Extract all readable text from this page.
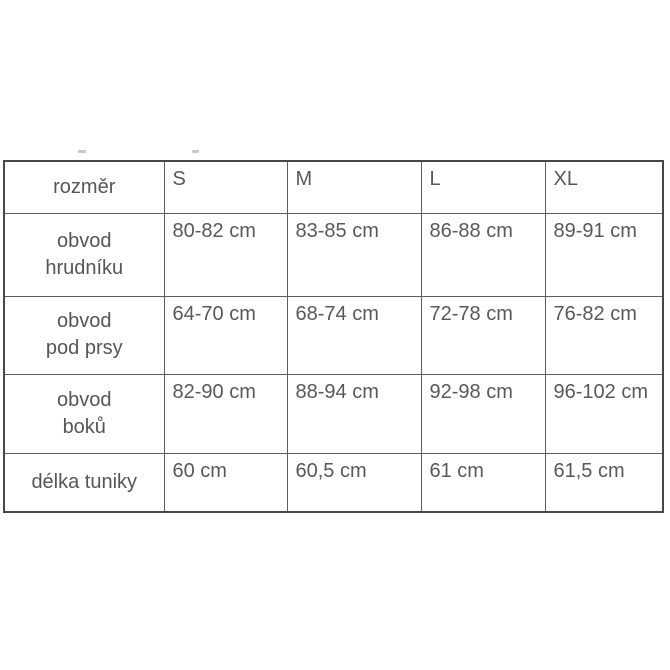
rozměr	S	M	L	XL

obvod
hrudníku	80-82 cm	83-85 cm	86-88 cm	89-91 cm

obvod
pod prsy	64-70 cm	68-74 cm	72-78 cm	76-82 cm

obvod
boků	82-90 cm	88-94 cm	92-98 cm	96-102 cm

délka tuniky	60 cm	60,5 cm	61 cm	61,5 cm
